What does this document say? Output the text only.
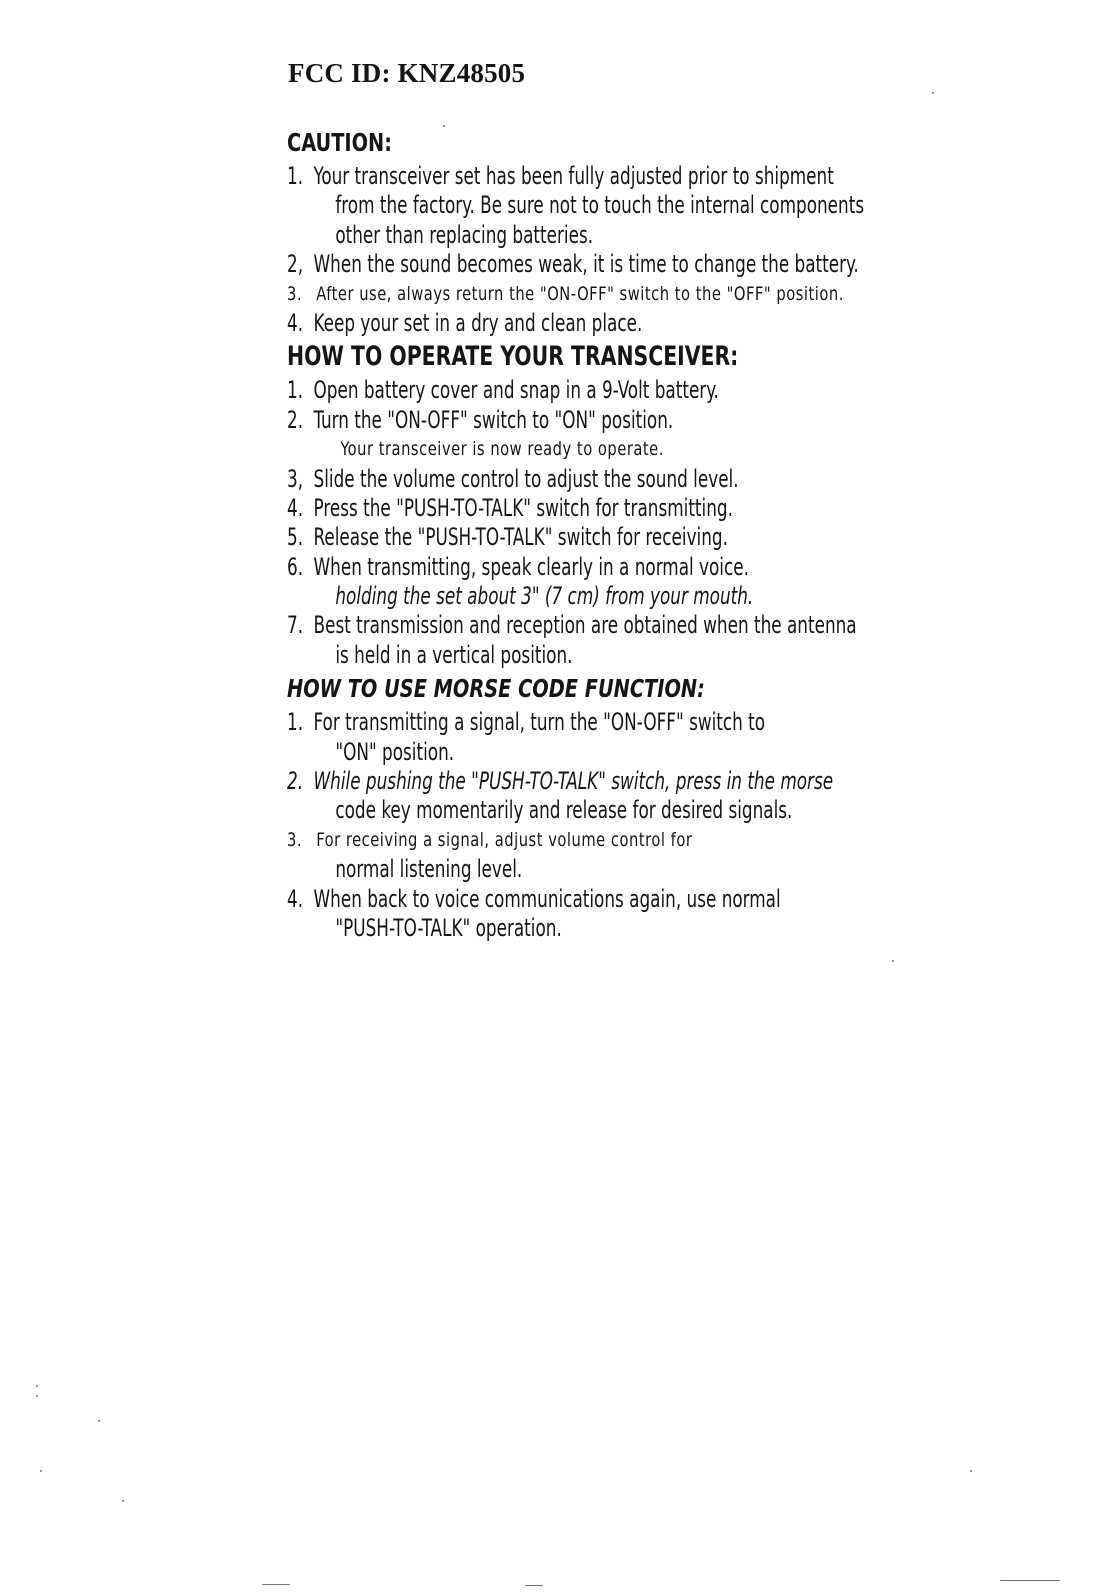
FCC ID: KNZ48505
CAUTION:
1. Your transceiver set has been fully adjusted prior to shipment
from the factory. Be sure not to touch the internal components
other than replacing batteries.
2, When the sound becomes weak, it is time to change the battery.
3. After use, always return the "ON-OFF" switch to the "OFF" position.
4. Keep your set in a dry and clean place.
HOW TO OPERATE YOUR TRANSCEIVER:
1. Open battery cover and snap in a 9-Volt battery.
2. Turn the "ON-OFF" switch to "ON" position.
Your transceiver is now ready to operate.
3, Slide the volume control to adjust the sound level.
4. Press the "PUSH-TO-TALK" switch for transmitting.
5. Release the "PUSH-TO-TALK" switch for receiving.
6. When transmitting, speak clearly in a normal voice.
holding the set about 3" (7 cm) from your mouth.
7. Best transmission and reception are obtained when the antenna
is held in a vertical position.
HOW TO USE MORSE CODE FUNCTION:
1. For transmitting a signal, turn the "ON-OFF" switch to
"ON" position.
2. While pushing the "PUSH-TO-TALK" switch, press in the morse
code key momentarily and release for desired signals.
3. For receiving a signal, adjust volume control for
normal listening level.
4. When back to voice communications again, use normal
"PUSH-TO-TALK" operation.
